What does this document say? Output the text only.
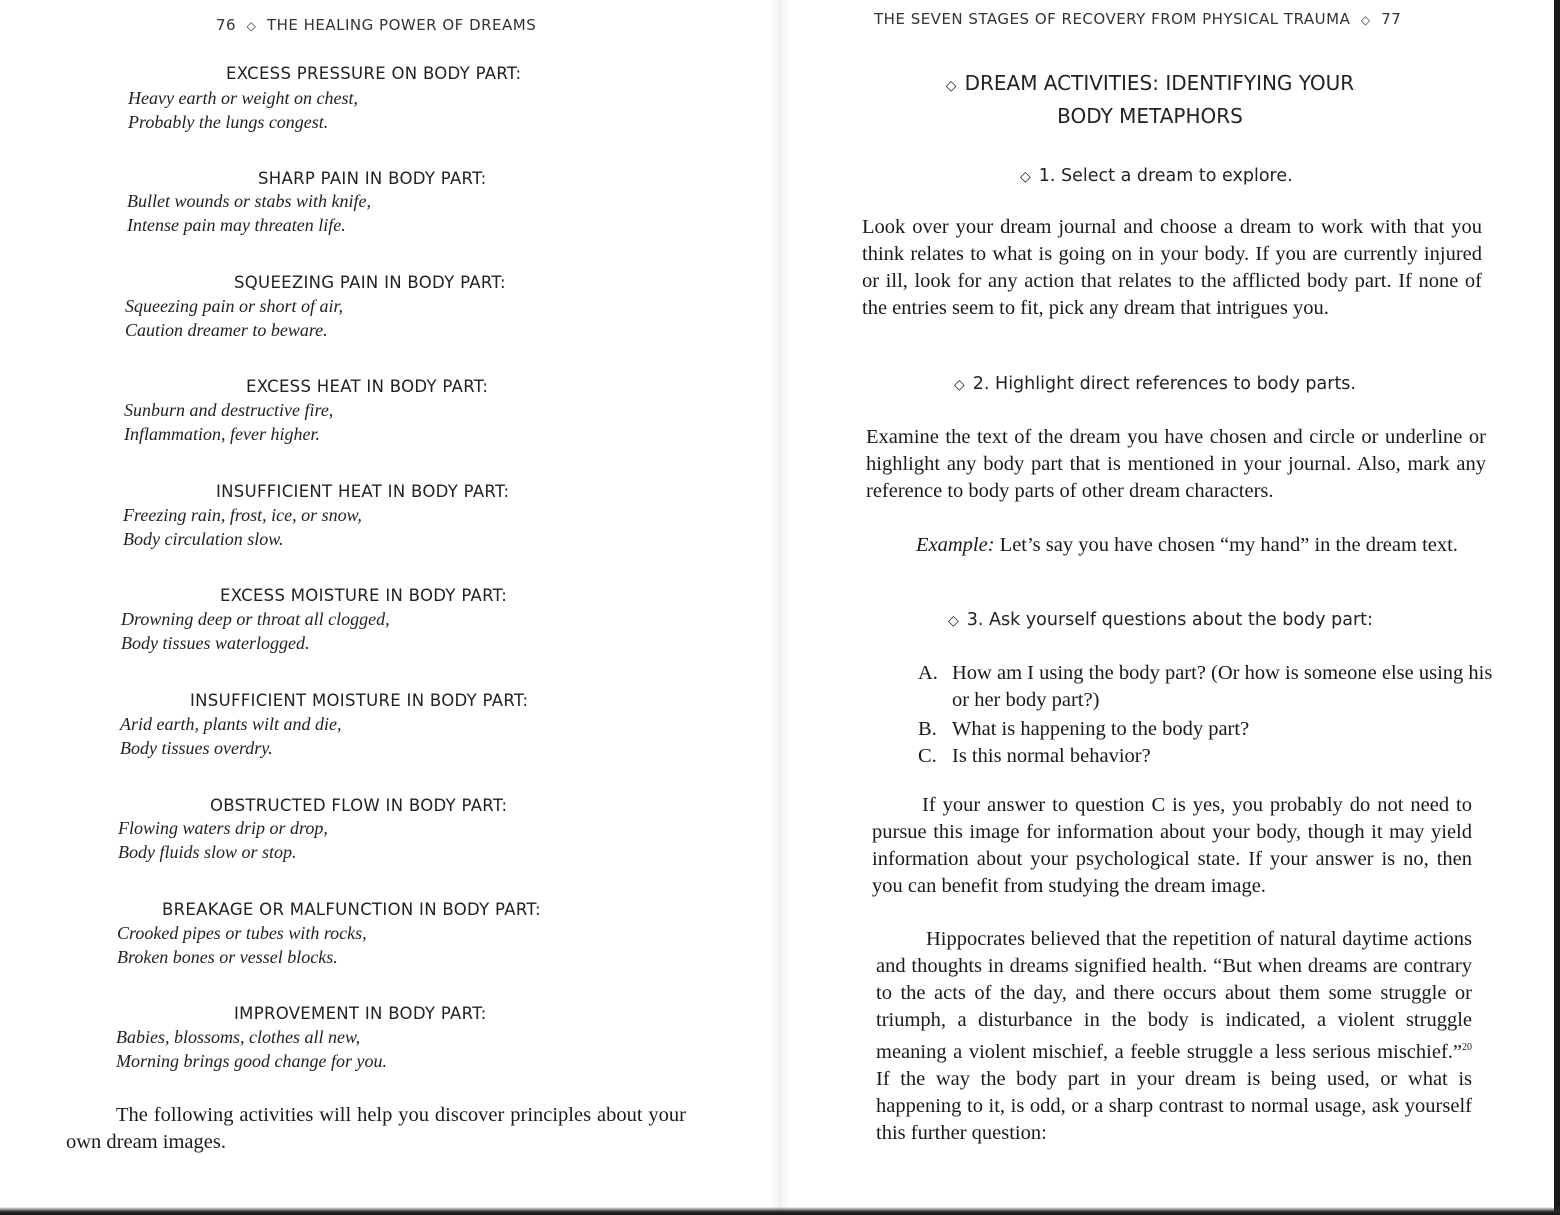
76 ◇ THE HEALING POWER OF DREAMS
EXCESS PRESSURE ON BODY PART:
Heavy earth or weight on chest,
Probably the lungs congest.
SHARP PAIN IN BODY PART:
Bullet wounds or stabs with knife,
Intense pain may threaten life.
SQUEEZING PAIN IN BODY PART:
Squeezing pain or short of air,
Caution dreamer to beware.
EXCESS HEAT IN BODY PART:
Sunburn and destructive fire,
Inflammation, fever higher.
INSUFFICIENT HEAT IN BODY PART:
Freezing rain, frost, ice, or snow,
Body circulation slow.
EXCESS MOISTURE IN BODY PART:
Drowning deep or throat all clogged,
Body tissues waterlogged.
INSUFFICIENT MOISTURE IN BODY PART:
Arid earth, plants wilt and die,
Body tissues overdry.
OBSTRUCTED FLOW IN BODY PART:
Flowing waters drip or drop,
Body fluids slow or stop.
BREAKAGE OR MALFUNCTION IN BODY PART:
Crooked pipes or tubes with rocks,
Broken bones or vessel blocks.
IMPROVEMENT IN BODY PART:
Babies, blossoms, clothes all new,
Morning brings good change for you.
The following activities will help you discover principles about your own dream images.
THE SEVEN STAGES OF RECOVERY FROM PHYSICAL TRAUMA ◇ 77
◇ DREAM ACTIVITIES: IDENTIFYING YOUR
BODY METAPHORS
◇ 1. Select a dream to explore.
Look over your dream journal and choose a dream to work with that you think relates to what is going on in your body. If you are currently injured or ill, look for any action that relates to the afflicted body part. If none of the entries seem to fit, pick any dream that intrigues you.
◇ 2. Highlight direct references to body parts.
Examine the text of the dream you have chosen and circle or underline or highlight any body part that is mentioned in your journal. Also, mark any reference to body parts of other dream characters.
Example: Let’s say you have chosen “my hand” in the dream text.
◇ 3. Ask yourself questions about the body part:
A. How am I using the body part? (Or how is someone else using his or her body part?)
B. What is happening to the body part?
C. Is this normal behavior?
If your answer to question C is yes, you probably do not need to pursue this image for information about your body, though it may yield information about your psychological state. If your answer is no, then you can benefit from studying the dream image.
Hippocrates believed that the repetition of natural daytime actions and thoughts in dreams signified health. “But when dreams are contrary to the acts of the day, and there occurs about them some struggle or triumph, a disturbance in the body is indicated, a violent struggle meaning a violent mischief, a feeble struggle a less serious mischief.”$^{20}$ If the way the body part in your dream is being used, or what is happening to it, is odd, or a sharp contrast to normal usage, ask yourself this further question:
